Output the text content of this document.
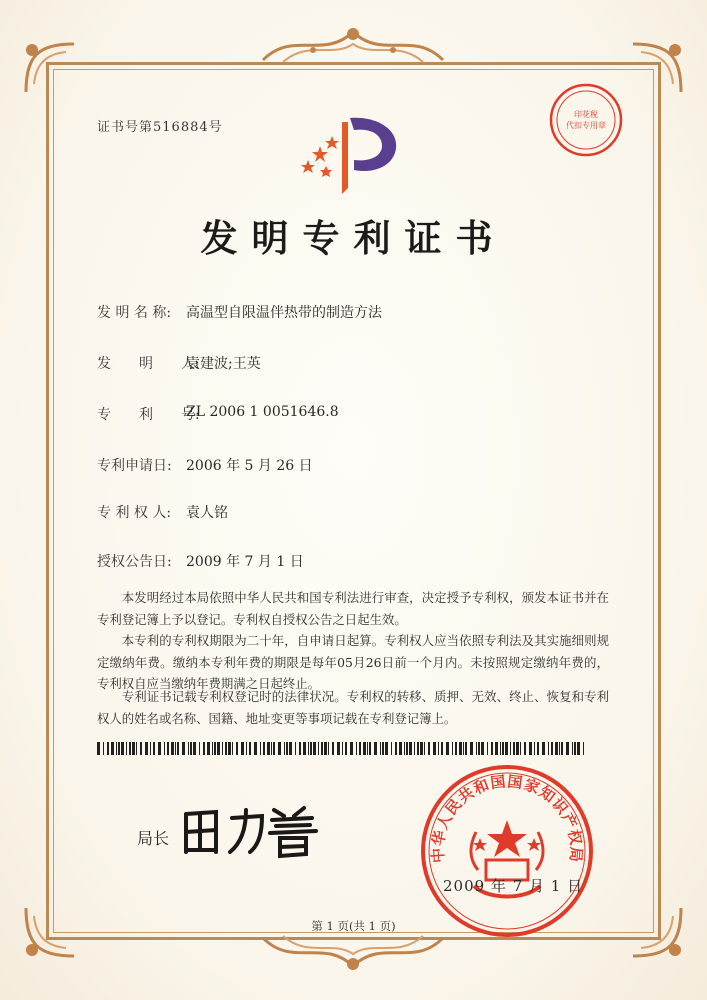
证书号第516884号
印花税
代扣专用章
发明专利证书
发 明 名 称: 高温型自限温伴热带的制造方法
发　　明　　人:
袁建波;王英
专　　利　　号:
ZL 2006 1 0051646.8
专利申请日: 2006 年 5 月 26 日
专 利 权 人: 袁人铭
授权公告日: 2009 年 7 月 1 日
本发明经过本局依照中华人民共和国专利法进行审查，决定授予专利权，颁发本证书并在专利登记簿上予以登记。专利权自授权公告之日起生效。
本专利的专利权期限为二十年，自申请日起算。专利权人应当依照专利法及其实施细则规定缴纳年费。缴纳本专利年费的期限是每年05月26日前一个月内。未按照规定缴纳年费的，专利权自应当缴纳年费期满之日起终止。
专利证书记载专利权登记时的法律状况。专利权的转移、质押、无效、终止、恢复和专利权人的姓名或名称、国籍、地址变更等事项记载在专利登记簿上。
局长
中华人民共和国国家知识产权局
2009 年 7 月 1 日
第 1 页(共 1 页)
